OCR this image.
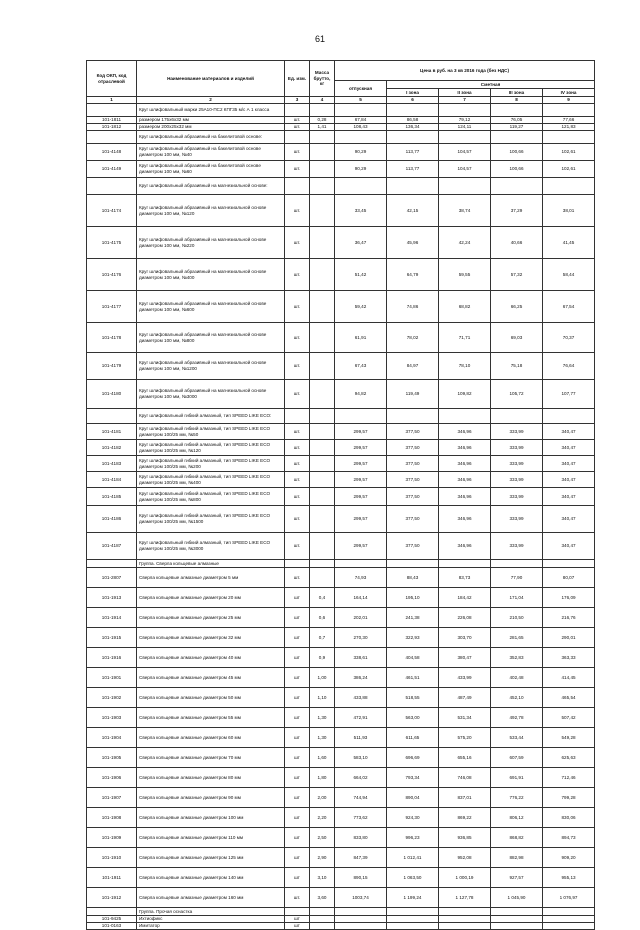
61
Код ОКП, код отраслевой	Наименование материалов и изделий	Ед. изм.	Масса брутто, кг	Цена в руб. на 3 кв 2016 года (без НДС)				
				отпускная	Сметная			
					I зона	II зона	III зона	IV зона
1	2	3	4	5	6	7	8	9
	Круг шлифовальный марки 25А10-ПС2 КПГ35 м/с А 1 класса							
101-1811	размером 175х6х32 мм	шт.	0,28	67,84	86,58	79,12	76,05	77,66
101-1812	размером 200х25х32 мм	шт.	1,41	108,43	136,34	124,11	119,27	121,83
	Круг шлифовальный абразивный на бакелитовой основе:							
101-4148	Круг шлифовальный абразивный на бакелитовой основе диаметром 100 мм, №40	шт.		90,29	113,77	104,57	100,66	102,61
101-4149	Круг шлифовальный абразивный на бакелитовой основе диаметром 100 мм, №60	шт.		90,29	113,77	104,57	100,66	102,61
	Круг шлифовальный абразивный на магнезиальной основе:							
101-4174	Круг шлифовальный абразивный на магнезиальной основе диаметром 100 мм, №120	шт.		33,45	42,15	38,74	37,29	38,01
101-4175	Круг шлифовальный абразивный на магнезиальной основе диаметром 100 мм, №220	шт.		36,47	45,96	42,24	40,66	41,45
101-4176	Круг шлифовальный абразивный на магнезиальной основе диаметром 100 мм, №400	шт.		51,42	64,79	59,55	57,32	58,44
101-4177	Круг шлифовальный абразивный на магнезиальной основе диаметром 100 мм, №600	шт.		59,42	74,86	68,82	66,25	67,54
101-4178	Круг шлифовальный абразивный на магнезиальной основе диаметром 100 мм, №800	шт.		61,91	78,02	71,71	69,03	70,37
101-4179	Круг шлифовальный абразивный на магнезиальной основе диаметром 100 мм, №1200	шт.		67,43	84,97	78,10	75,18	76,64
101-4180	Круг шлифовальный абразивный на магнезиальной основе диаметром 100 мм, №3000	шт.		94,82	119,49	109,82	105,72	107,77
	Круг шлифовальный гибкий алмазный, тип SPEED LIKE ECO:							
101-4181	Круг шлифовальный гибкий алмазный, тип SPEED LIKE ECO диаметром 100/25 мм, №50	шт.		299,57	377,50	346,96	333,99	340,47
101-4182	Круг шлифовальный гибкий алмазный, тип SPEED LIKE ECO диаметром 100/25 мм, №120	шт.		299,57	377,50	346,96	333,99	340,47
101-4183	Круг шлифовальный гибкий алмазный, тип SPEED LIKE ECO диаметром 100/25 мм, №200	шт.		299,57	377,50	346,96	333,99	340,47
101-4184	Круг шлифовальный гибкий алмазный, тип SPEED LIKE ECO диаметром 100/25 мм, №400	шт.		299,57	377,50	346,96	333,99	340,47
101-4185	Круг шлифовальный гибкий алмазный, тип SPEED LIKE ECO диаметром 100/25 мм, №800	шт.		299,57	377,50	346,96	333,99	340,47
101-4186	Круг шлифовальный гибкий алмазный, тип SPEED LIKE ECO диаметром 100/25 мм, №1500	шт.		299,57	377,50	346,96	333,99	340,47
101-4187	Круг шлифовальный гибкий алмазный, тип SPEED LIKE ECO диаметром 100/25 мм, №3000	шт.		299,57	377,50	346,96	333,99	340,47
	Группа. Сверла кольцевые алмазные							
101-2807	Сверла кольцевые алмазные диаметром 5 мм	шт.		74,93	88,43	83,73	77,90	80,07
101-1913	Сверла кольцевые алмазные диаметром 20 мм	шт	0,4	164,14	195,10	184,42	171,04	176,09
101-1914	Сверла кольцевые алмазные диаметром 25 мм	шт	0,6	202,01	241,38	226,08	210,50	216,76
101-1915	Сверла кольцевые алмазные диаметром 32 мм	шт	0,7	270,30	322,93	303,70	281,65	290,01
101-1916	Сверла кольцевые алмазные диаметром 40 мм	шт	0,9	338,61	404,58	380,47	352,83	363,33
101-1901	Сверла кольцевые алмазные диаметром 45 мм	шт	1,00	386,24	461,51	433,99	402,48	414,45
101-1902	Сверла кольцевые алмазные диаметром 50 мм	шт	1,10	433,88	518,55	487,49	452,10	465,54
101-1903	Сверла кольцевые алмазные диаметром 55 мм	шт	1,30	472,91	563,00	531,34	492,78	507,42
101-1904	Сверла кольцевые алмазные диаметром 60 мм	шт	1,30	511,93	611,65	575,20	533,44	549,28
101-1905	Сверла кольцевые алмазные диаметром 70 мм	шт	1,60	583,10	696,69	655,16	607,59	625,63
101-1906	Сверла кольцевые алмазные диаметром 80 мм	шт	1,80	664,02	793,34	746,08	691,91	712,46
101-1907	Сверла кольцевые алмазные диаметром 90 мм	шт	2,00	744,94	890,04	837,01	776,22	799,28
101-1908	Сверла кольцевые алмазные диаметром 100 мм	шт	2,20	773,62	924,30	869,22	806,12	830,06
101-1909	Сверла кольцевые алмазные диаметром 110 мм	шт	2,50	833,80	996,23	936,85	868,82	894,73
101-1910	Сверла кольцевые алмазные диаметром 125 мм	шт	2,90	847,39	1 012,41	952,08	882,98	909,20
101-1911	Сверла кольцевые алмазные диаметром 140 мм	шт	3,10	890,15	1 063,50	1 000,19	927,57	955,13
101-1912	Сверла кольцевые алмазные диаметром 160 мм	шт.	3,60	1003,74	1 199,24	1 127,78	1 045,90	1 076,97
	Группа. Прочая оснастка							
101-9425	Ихтиофикс	шт						
101-0163	Имитатор	шт						
